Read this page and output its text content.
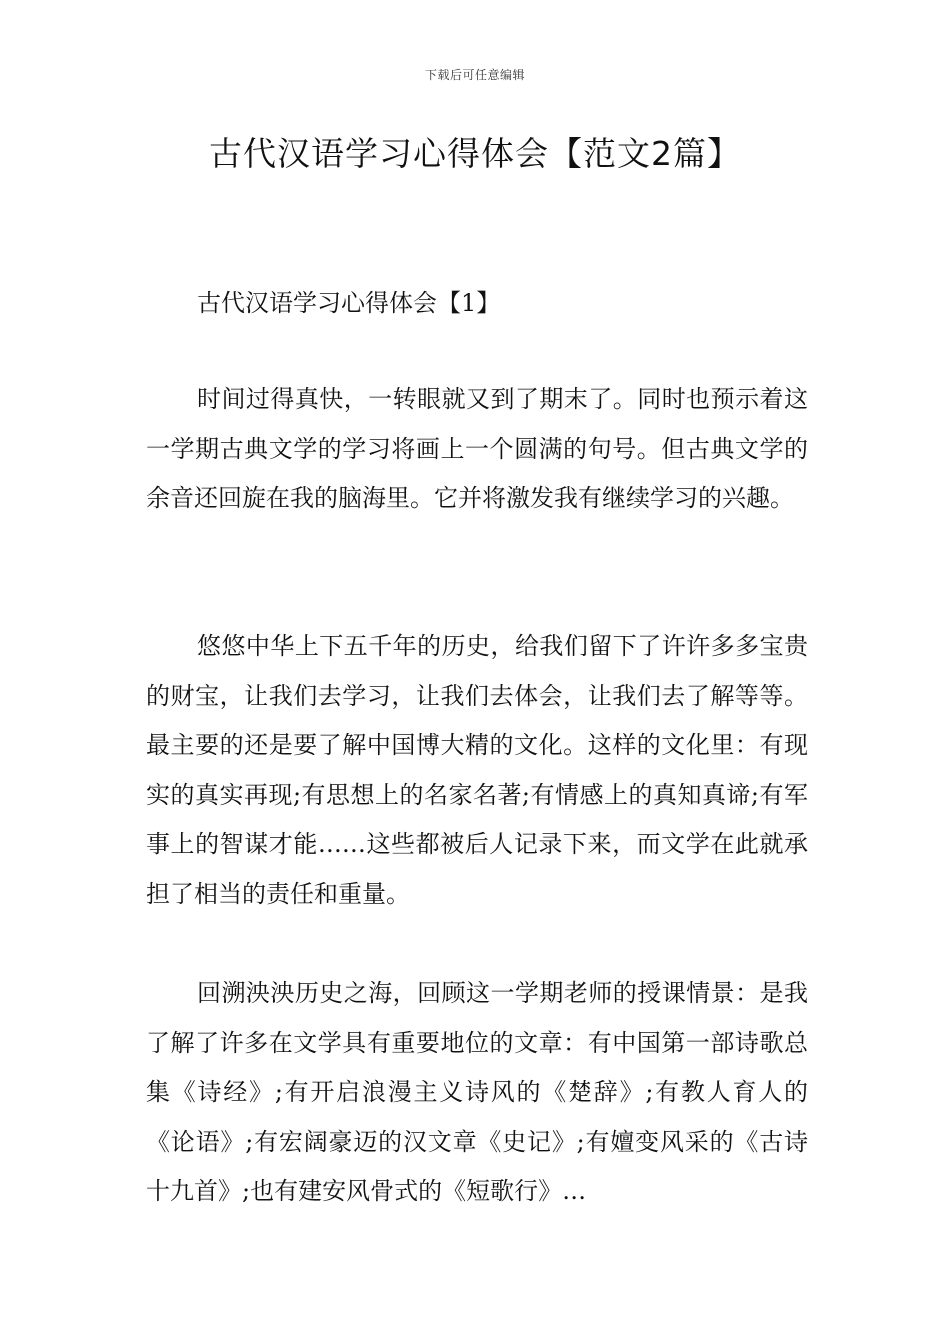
下载后可任意编辑
古代汉语学习心得体会【范文2篇】
古代汉语学习心得体会【1】

时间过得真快，一转眼就又到了期末了。同时也预示着这一学期古典文学的学习将画上一个圆满的句号。但古典文学的余音还回旋在我的脑海里。它并将激发我有继续学习的兴趣。

悠悠中华上下五千年的历史，给我们留下了许许多多宝贵的财宝，让我们去学习，让我们去体会，让我们去了解等等。最主要的还是要了解中国博大精的文化。这样的文化里：有现实的真实再现;有思想上的名家名著;有情感上的真知真谛;有军事上的智谋才能……这些都被后人记录下来，而文学在此就承担了相当的责任和重量。

回溯泱泱历史之海，回顾这一学期老师的授课情景：是我了解了许多在文学具有重要地位的文章：有中国第一部诗歌总集《诗经》;有开启浪漫主义诗风的《楚辞》;有教人育人的《论语》;有宏阔豪迈的汉文章《史记》;有嬗变风采的《古诗十九首》;也有建安风骨式的《短歌行》…
